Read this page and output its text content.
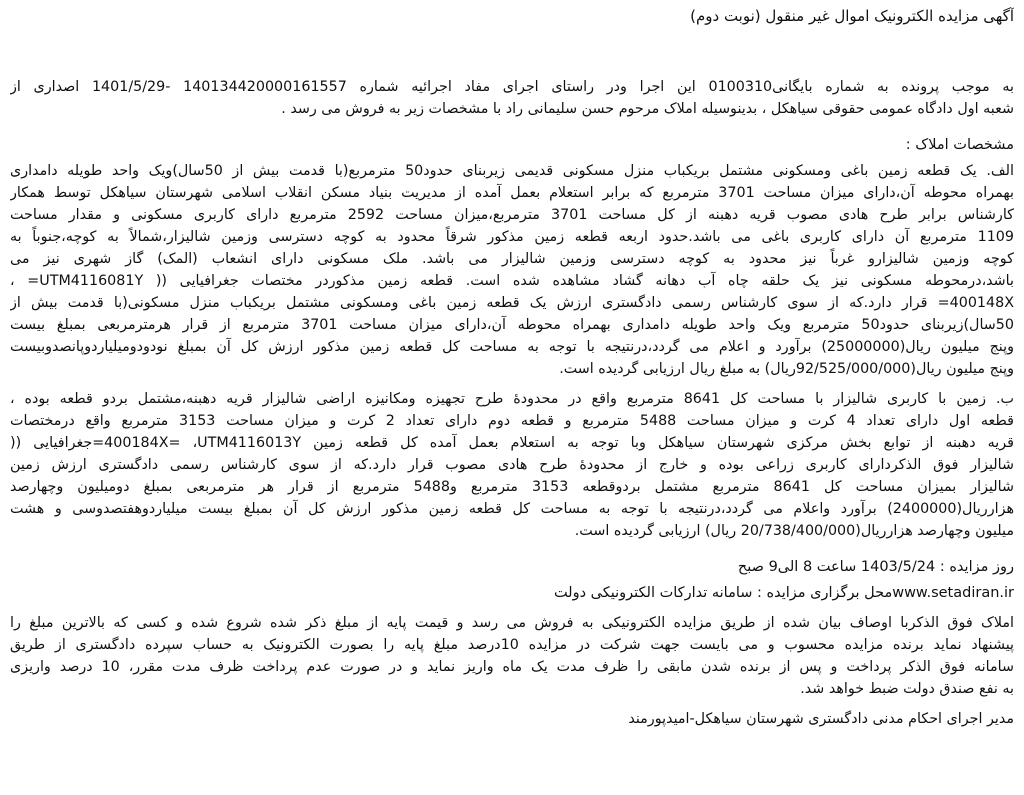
آگهی مزایده الکترونیک اموال غیر منقول (نوبت دوم)
به موجب پرونده به شماره بایگانی0100310 این اجرا ودر راستای اجرای مفاد اجرائیه شماره 140134420000161557 -1401/5/29 اصداری از
شعبه اول دادگاه عمومی حقوقی سیاهکل ، بدینوسیله املاک مرحوم حسن سلیمانی راد با مشخصات زیر به فروش می رسد .
مشخصات املاک :
الف. یک قطعه زمین باغی ومسکونی مشتمل بریکباب منزل مسکونی قدیمی زیربنای حدود50 مترمربع(با قدمت بیش از 50سال)ویک واحد طویله دامداری
بهمراه محوطه آن،دارای میزان مساحت 3701 مترمربع که برابر استعلام بعمل آمده از مدیریت بنیاد مسکن انقلاب اسلامی شهرستان سیاهکل توسط همکار
کارشناس برابر طرح هادی مصوب قریه دهبنه از کل مساحت 3701 مترمربع،میزان مساحت 2592 مترمربع دارای کاربری مسکونی و مقدار مساحت
1109 مترمربع آن دارای کاربری باغی می باشد.حدود اربعه قطعه زمین مذکور شرقاً محدود به کوچه دسترسی وزمین شالیزار،شمالاً به کوچه،جنوباً به
کوچه وزمین شالیزارو غرباً نیز محدود به کوچه دسترسی وزمین شالیزار می باشد. ملک مسکونی دارای انشعاب (المک) گاز شهری نیز می
باشد،درمحوطه مسکونی نیز یک حلقه چاه آب دهانه گشاد مشاهده شده است. قطعه زمین مذکوردر مختصات جغرافیایی (( UTM4116081Y= ،
400148X= قرار دارد.که از سوی کارشناس رسمی دادگستری ارزش یک قطعه زمین باغی ومسکونی مشتمل بریکباب منزل مسکونی(با قدمت بیش از
50سال)زیربنای حدود50 مترمربع ویک واحد طویله دامداری بهمراه محوطه آن،دارای میزان مساحت 3701 مترمربع از قرار هرمترمربعی بمبلغ بیست
وپنج میلیون ریال(25000000) برآورد و اعلام می گردد،درنتیجه با توجه به مساحت کل قطعه زمین مذکور ارزش کل آن بمبلغ نودودومیلیاردوپانصدوبیست
وپنج میلیون ریال(92/525/000/000ریال) به مبلغ ریال ارزیابی گردیده است.
ب. زمین با کاربری شالیزار با مساحت کل 8641 مترمربع واقع در محدودۀ طرح تجهیزه ومکانیزه اراضی شالیزار قریه دهبنه،مشتمل بردو قطعه بوده ،
قطعه اول دارای تعداد 4 کرت و میزان مساحت 5488 مترمربع و قطعه دوم دارای تعداد 2 کرت و میزان مساحت 3153 مترمربع واقع درمختصات
قریه دهبنه از توابع بخش مرکزی شهرستان سیاهکل وبا توجه به استعلام بعمل آمده کل قطعه زمین 400184X= ،UTM4116013Y=جغرافیایی ((
شالیزار فوق الذکردارای کاربری زراعی بوده و خارج از محدودۀ طرح هادی مصوب قرار دارد.که از سوی کارشناس رسمی دادگستری ارزش زمین
شالیزار بمیزان مساحت کل 8641 مترمربع مشتمل بردوقطعه 3153 مترمربع و5488 مترمربع از قرار هر مترمربعی بمبلغ دومیلیون وچهارصد
هزارریال(2400000) برآورد واعلام می گردد،درنتیجه با توجه به مساحت کل قطعه زمین مذکور ارزش کل آن بمبلغ بیست میلیاردوهفتصدوسی و هشت
میلیون وچهارصد هزارریال(20/738/400/000 ریال) ارزیابی گردیده است.
روز مزایده : 1403/5/24 ساعت 8 الی9 صبح
www.setadiran.irمحل برگزاری مزایده : سامانه تدارکات الکترونیکی دولت
املاک فوق الذکربا اوصاف بیان شده از طریق مزایده الکترونیکی به فروش می رسد و قیمت پایه از مبلغ ذکر شده شروع شده و کسی که بالاترین مبلغ را
پیشنهاد نماید برنده مزایده محسوب و می بایست جهت شرکت در مزایده 10درصد مبلغ پایه را بصورت الکترونیک به حساب سپرده دادگستری از طریق
سامانه فوق الذکر پرداخت و پس از برنده شدن مابقی را ظرف مدت یک ماه واریز نماید و در صورت عدم پرداخت ظرف مدت مقرر، 10 درصد واریزی
به نفع صندق دولت ضبط خواهد شد.
مدیر اجرای احکام مدنی دادگستری شهرستان سیاهکل-امیدپورمند
